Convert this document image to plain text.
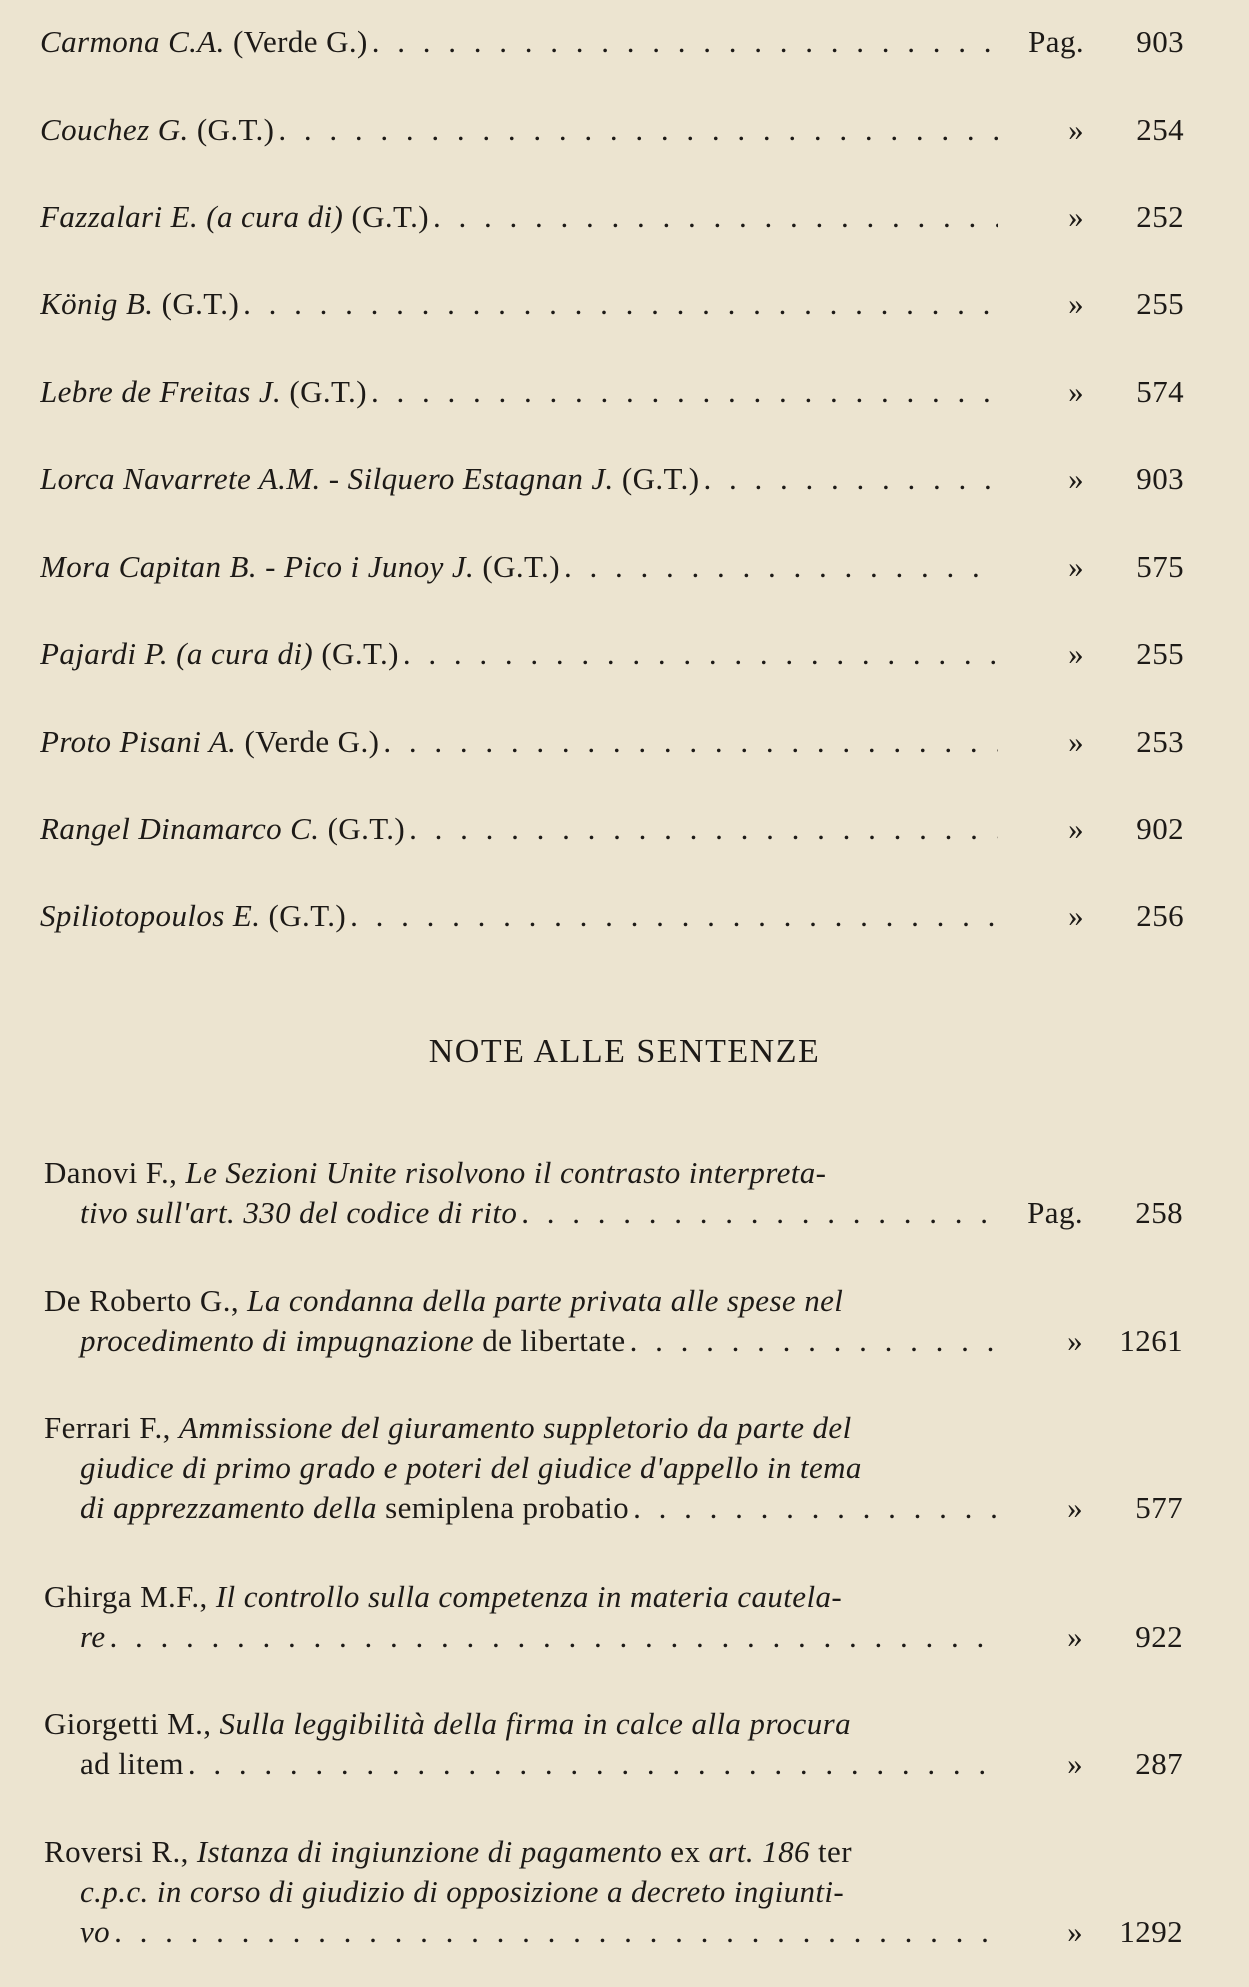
Carmona C.A. (Verde G.) . . .	Pag.	903
Couchez G. (G.T.) . . .	»	254
Fazzalari E. (a cura di) (G.T.) . . .	»	252
König B. (G.T.) . . .	»	255
Lebre de Freitas J. (G.T.) . . .	»	574
Lorca Navarrete A.M. - Silquero Estagnan J. (G.T.) . . .	»	903
Mora Capitan B. - Pico i Junoy J. (G.T.) . . .	»	575
Pajardi P. (a cura di) (G.T.) . . .	»	255
Proto Pisani A. (Verde G.) . . .	»	253
Rangel Dinamarco C. (G.T.) . . .	»	902
Spiliotopoulos E. (G.T.) . . .	»	256
NOTE ALLE SENTENZE
Danovi F., Le Sezioni Unite risolvono il contrasto interpreta-
tivo sull'art. 330 del codice di rito . . .	Pag.	258
De Roberto G., La condanna della parte privata alle spese nel
procedimento di impugnazione de libertate . . .	»	1261
Ferrari F., Ammissione del giuramento suppletorio da parte del
giudice di primo grado e poteri del giudice d'appello in tema
di apprezzamento della semiplena probatio . . .	»	577
Ghirga M.F., Il controllo sulla competenza in materia cautela-
re . . .	»	922
Giorgetti M., Sulla leggibilità della firma in calce alla procura
ad litem . . .	»	287
Roversi R., Istanza di ingiunzione di pagamento ex art. 186 ter
c.p.c. in corso di giudizio di opposizione a decreto ingiunti-
vo . . .	»	1292
